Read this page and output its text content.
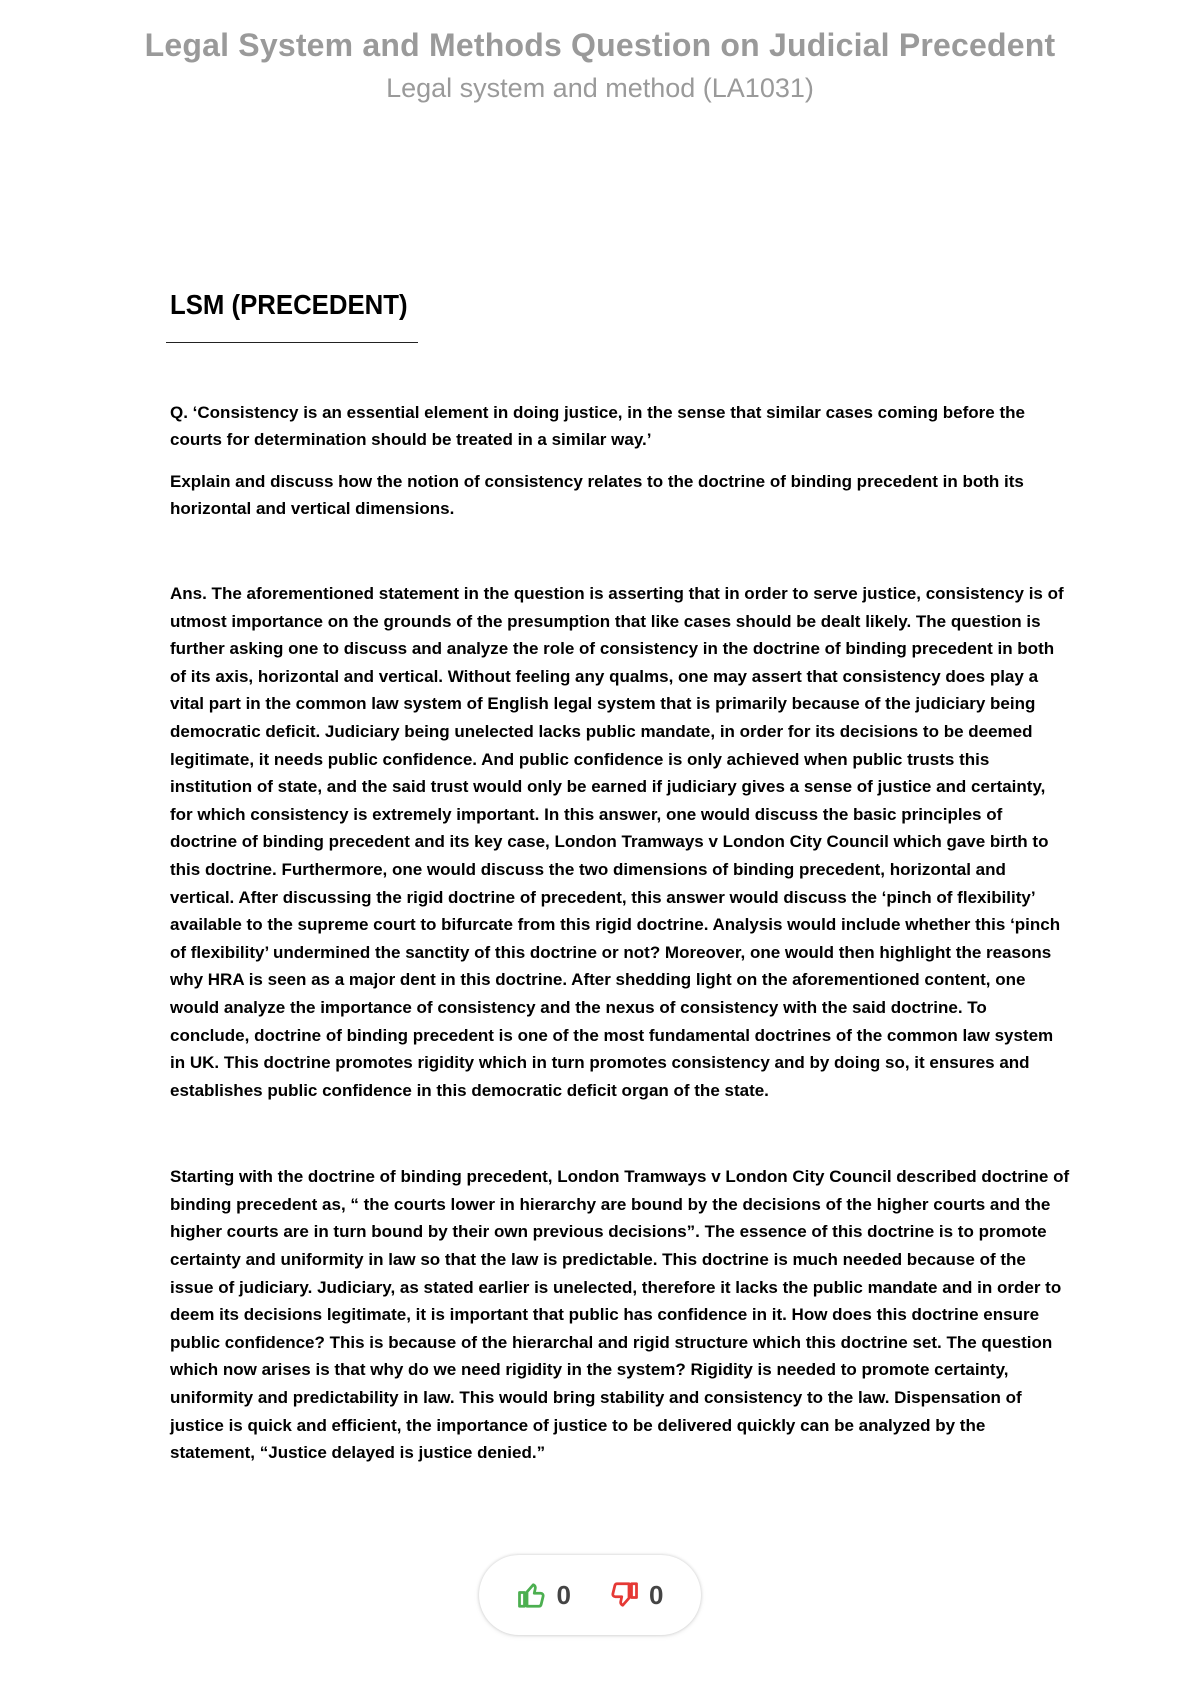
Legal System and Methods Question on Judicial Precedent
Legal system and method (LA1031)
LSM (PRECEDENT)

Q. ‘Consistency is an essential element in doing justice, in the sense that similar cases coming before the courts for determination should be treated in a similar way.’

Explain and discuss how the notion of consistency relates to the doctrine of binding precedent in both its horizontal and vertical dimensions.

Ans. The aforementioned statement in the question is asserting that in order to serve justice, consistency is of utmost importance on the grounds of the presumption that like cases should be dealt likely. The question is further asking one to discuss and analyze the role of consistency in the doctrine of binding precedent in both of its axis, horizontal and vertical. Without feeling any qualms, one may assert that consistency does play a vital part in the common law system of English legal system that is primarily because of the judiciary being democratic deficit. Judiciary being unelected lacks public mandate, in order for its decisions to be deemed legitimate, it needs public confidence. And public confidence is only achieved when public trusts this institution of state, and the said trust would only be earned if judiciary gives a sense of justice and certainty, for which consistency is extremely important. In this answer, one would discuss the basic principles of doctrine of binding precedent and its key case, London Tramways v London City Council which gave birth to this doctrine. Furthermore, one would discuss the two dimensions of binding precedent, horizontal and vertical. After discussing the rigid doctrine of precedent, this answer would discuss the ‘pinch of flexibility’ available to the supreme court to bifurcate from this rigid doctrine. Analysis would include whether this ‘pinch of flexibility’ undermined the sanctity of this doctrine or not? Moreover, one would then highlight the reasons why HRA is seen as a major dent in this doctrine. After shedding light on the aforementioned content, one would analyze the importance of consistency and the nexus of consistency with the said doctrine. To conclude, doctrine of binding precedent is one of the most fundamental doctrines of the common law system in UK. This doctrine promotes rigidity which in turn promotes consistency and by doing so, it ensures and establishes public confidence in this democratic deficit organ of the state.

Starting with the doctrine of binding precedent, London Tramways v London City Council described doctrine of binding precedent as, “ the courts lower in hierarchy are bound by the decisions of the higher courts and the higher courts are in turn bound by their own previous decisions”. The essence of this doctrine is to promote certainty and uniformity in law so that the law is predictable. This doctrine is much needed because of the issue of judiciary. Judiciary, as stated earlier is unelected, therefore it lacks the public mandate and in order to deem its decisions legitimate, it is important that public has confidence in it. How does this doctrine ensure public confidence? This is because of the hierarchal and rigid structure which this doctrine set. The question which now arises is that why do we need rigidity in the system? Rigidity is needed to promote certainty, uniformity and predictability in law. This would bring stability and consistency to the law. Dispensation of justice is quick and efficient, the importance of justice to be delivered quickly can be analyzed by the statement, “Justice delayed is justice denied.”

0	0
